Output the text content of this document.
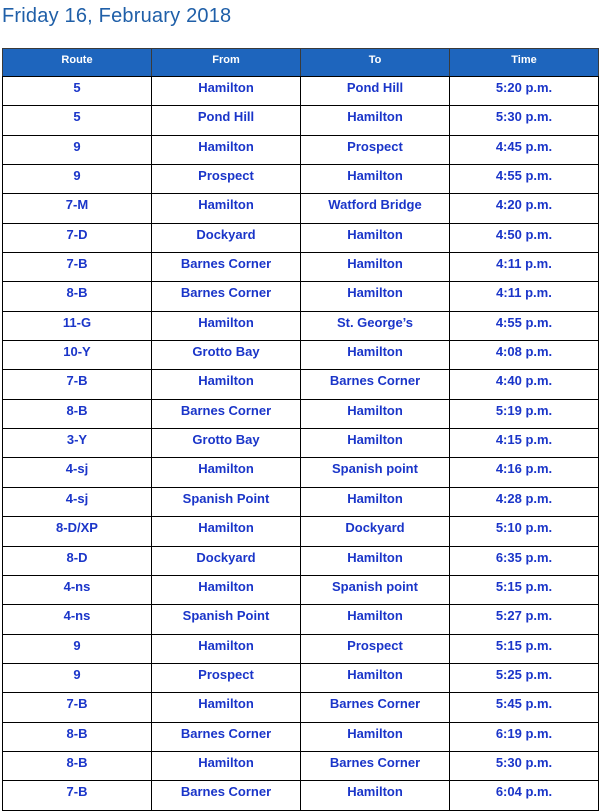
Friday 16, February 2018
Route	From	To	Time
5	Hamilton	Pond Hill	5:20 p.m.
5	Pond Hill	Hamilton	5:30 p.m.
9	Hamilton	Prospect	4:45 p.m.
9	Prospect	Hamilton	4:55 p.m.
7-M	Hamilton	Watford Bridge	4:20 p.m.
7-D	Dockyard	Hamilton	4:50 p.m.
7-B	Barnes Corner	Hamilton	4:11 p.m.
8-B	Barnes Corner	Hamilton	4:11 p.m.
11-G	Hamilton	St. George’s	4:55 p.m.
10-Y	Grotto Bay	Hamilton	4:08 p.m.
7-B	Hamilton	Barnes Corner	4:40 p.m.
8-B	Barnes Corner	Hamilton	5:19 p.m.
3-Y	Grotto Bay	Hamilton	4:15 p.m.
4-sj	Hamilton	Spanish point	4:16 p.m.
4-sj	Spanish Point	Hamilton	4:28 p.m.
8-D/XP	Hamilton	Dockyard	5:10 p.m.
8-D	Dockyard	Hamilton	6:35 p.m.
4-ns	Hamilton	Spanish point	5:15 p.m.
4-ns	Spanish Point	Hamilton	5:27 p.m.
9	Hamilton	Prospect	5:15 p.m.
9	Prospect	Hamilton	5:25 p.m.
7-B	Hamilton	Barnes Corner	5:45 p.m.
8-B	Barnes Corner	Hamilton	6:19 p.m.
8-B	Hamilton	Barnes Corner	5:30 p.m.
7-B	Barnes Corner	Hamilton	6:04 p.m.
